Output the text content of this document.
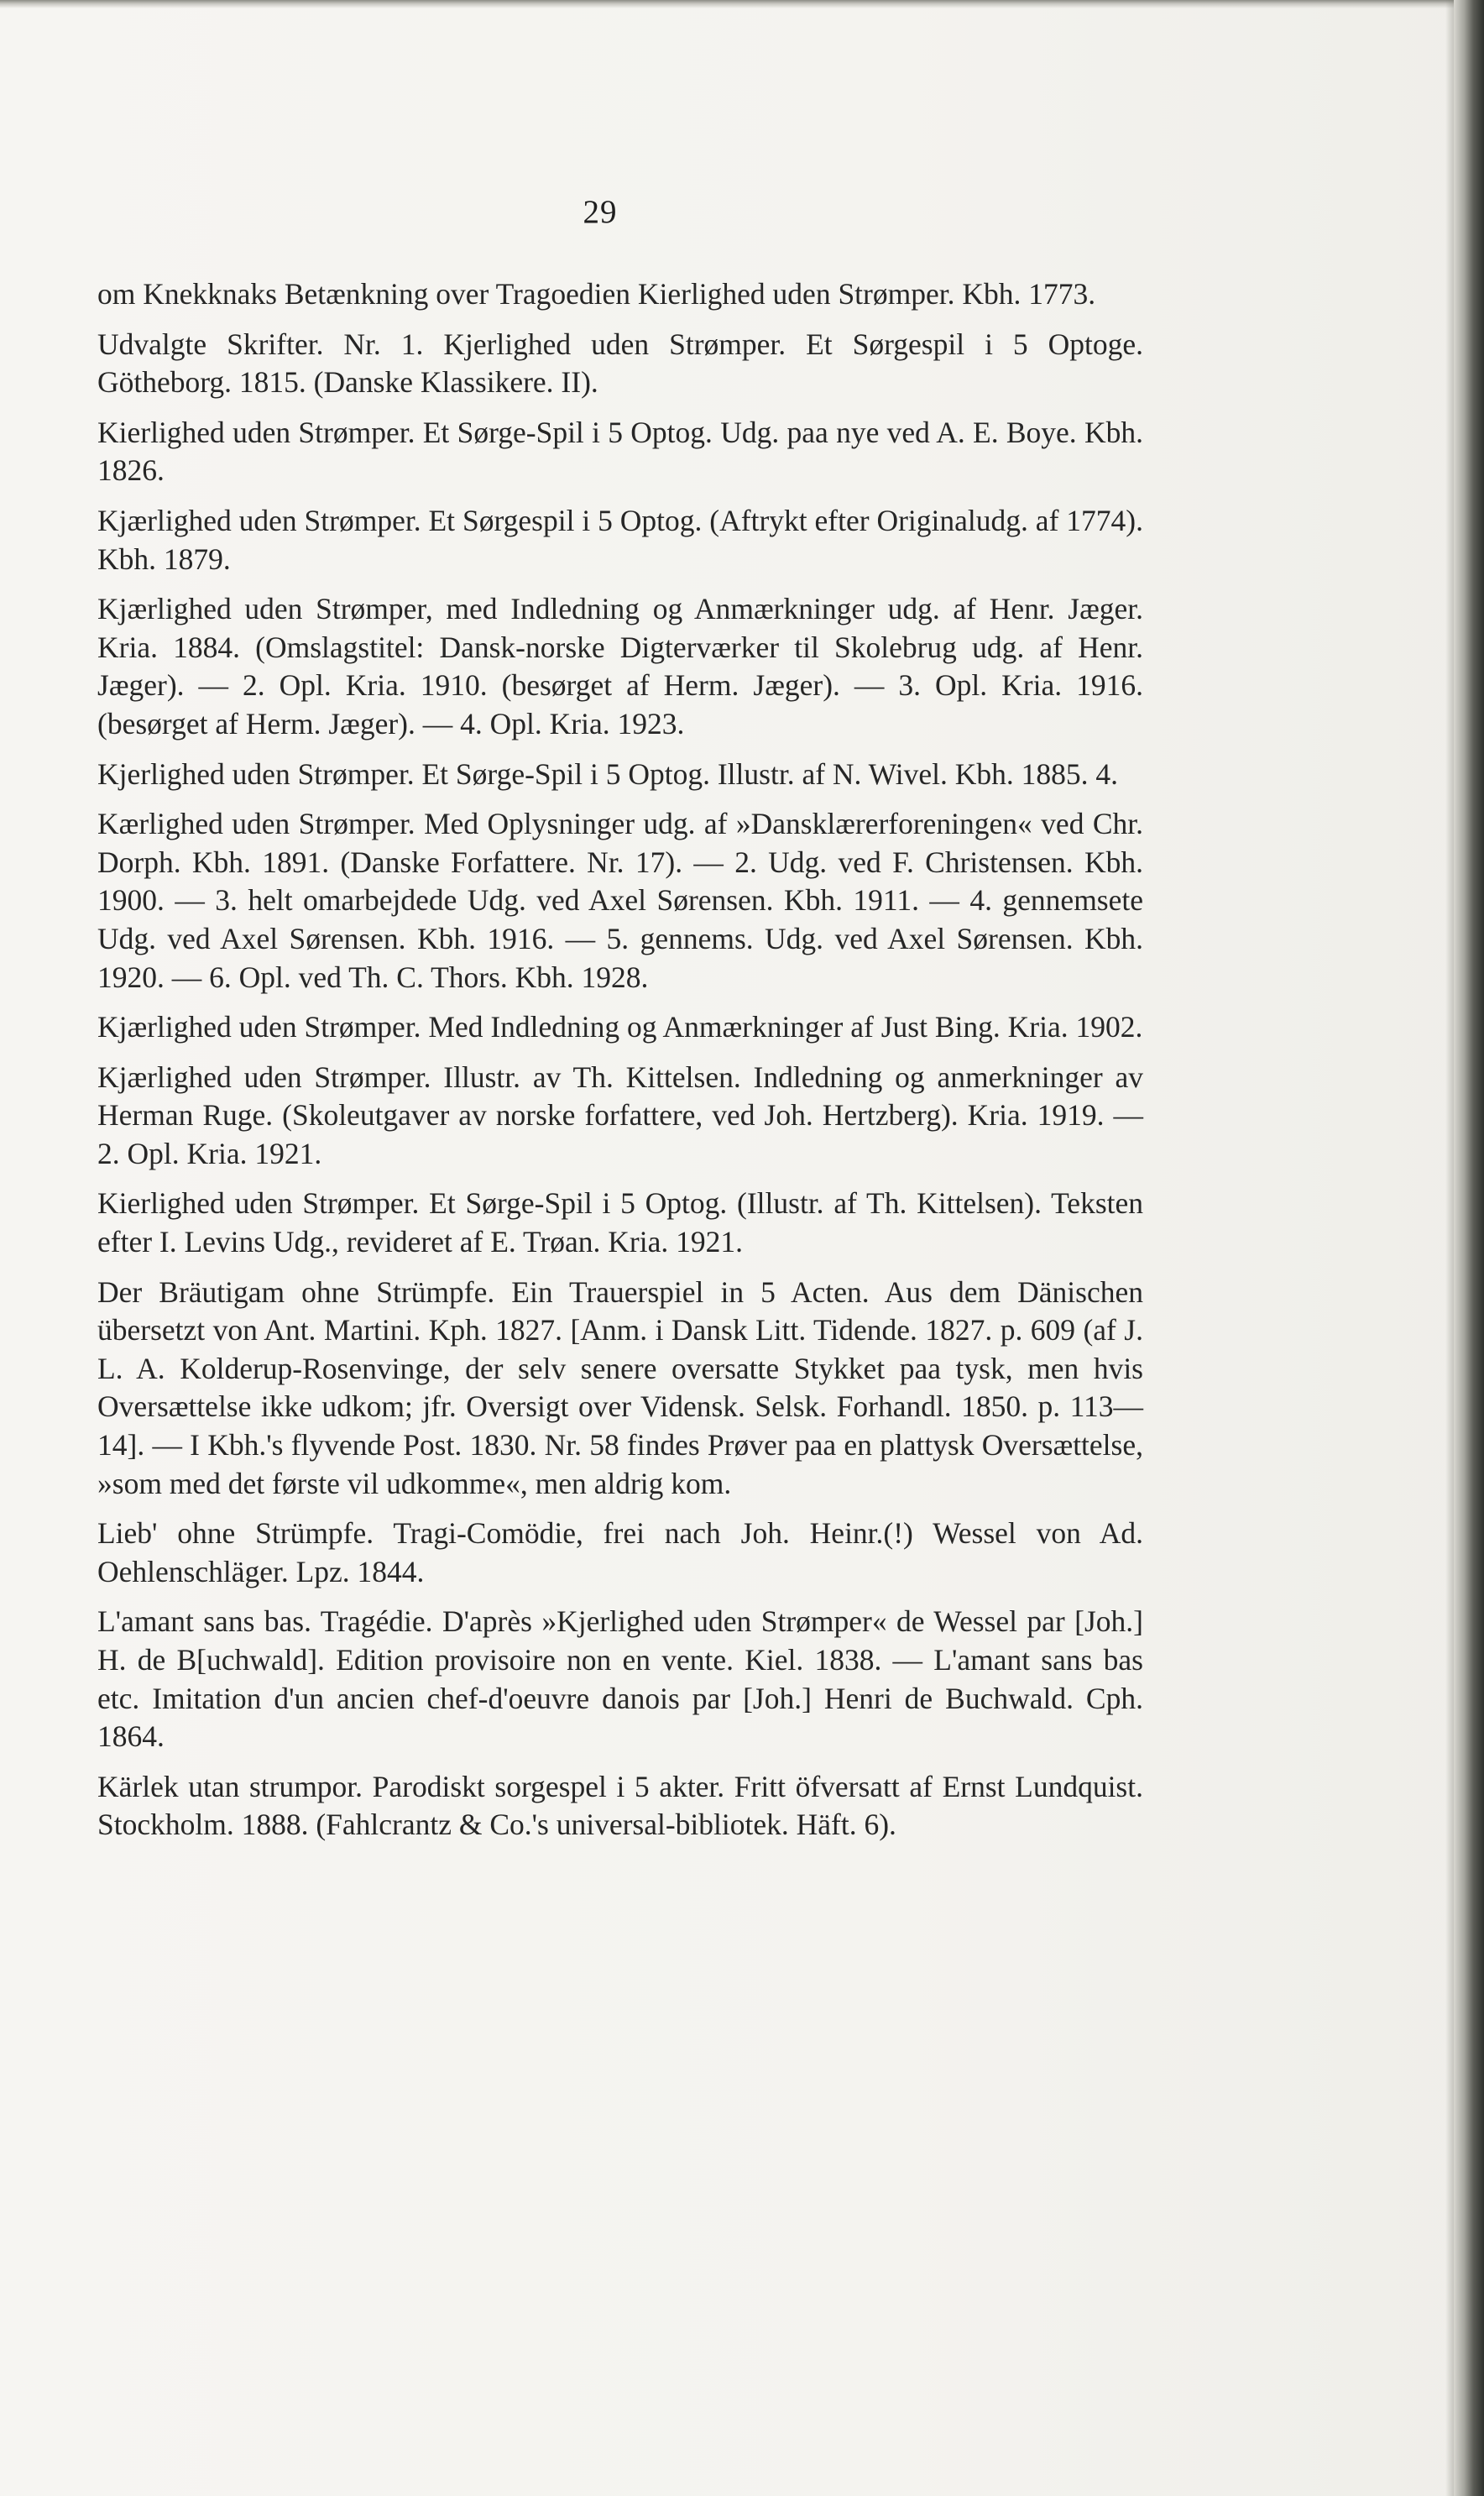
29

om Knekknaks Betænkning over Tragoedien Kierlighed uden Strømper. Kbh. 1773.

Udvalgte Skrifter. Nr. 1. Kjerlighed uden Strømper. Et Sørgespil i 5 Optoge. Götheborg. 1815. (Danske Klassikere. II).

Kierlighed uden Strømper. Et Sørge-Spil i 5 Optog. Udg. paa nye ved A. E. Boye. Kbh. 1826.

Kjærlighed uden Strømper. Et Sørgespil i 5 Optog. (Aftrykt efter Originaludg. af 1774). Kbh. 1879.

Kjærlighed uden Strømper, med Indledning og Anmærkninger udg. af Henr. Jæger. Kria. 1884. (Omslagstitel: Dansk-norske Digterværker til Skolebrug udg. af Henr. Jæger). — 2. Opl. Kria. 1910. (besørget af Herm. Jæger). — 3. Opl. Kria. 1916. (besørget af Herm. Jæger). — 4. Opl. Kria. 1923.

Kjerlighed uden Strømper. Et Sørge-Spil i 5 Optog. Illustr. af N. Wivel. Kbh. 1885. 4.

Kærlighed uden Strømper. Med Oplysninger udg. af »Dansklærerforeningen« ved Chr. Dorph. Kbh. 1891. (Danske Forfattere. Nr. 17). — 2. Udg. ved F. Christensen. Kbh. 1900. — 3. helt omarbejdede Udg. ved Axel Sørensen. Kbh. 1911. — 4. gennemsete Udg. ved Axel Sørensen. Kbh. 1916. — 5. gennems. Udg. ved Axel Sørensen. Kbh. 1920. — 6. Opl. ved Th. C. Thors. Kbh. 1928.

Kjærlighed uden Strømper. Med Indledning og Anmærkninger af Just Bing. Kria. 1902.

Kjærlighed uden Strømper. Illustr. av Th. Kittelsen. Indledning og anmerkninger av Herman Ruge. (Skoleutgaver av norske forfattere, ved Joh. Hertzberg). Kria. 1919. — 2. Opl. Kria. 1921.

Kierlighed uden Strømper. Et Sørge-Spil i 5 Optog. (Illustr. af Th. Kittelsen). Teksten efter I. Levins Udg., revideret af E. Trøan. Kria. 1921.

Der Bräutigam ohne Strümpfe. Ein Trauerspiel in 5 Acten. Aus dem Dänischen übersetzt von Ant. Martini. Kph. 1827. [Anm. i Dansk Litt. Tidende. 1827. p. 609 (af J. L. A. Kolderup-Rosenvinge, der selv senere oversatte Stykket paa tysk, men hvis Oversættelse ikke udkom; jfr. Oversigt over Vidensk. Selsk. Forhandl. 1850. p. 113—14]. — I Kbh.'s flyvende Post. 1830. Nr. 58 findes Prøver paa en plattysk Oversættelse, »som med det første vil udkomme«, men aldrig kom.

Lieb' ohne Strümpfe. Tragi-Comödie, frei nach Joh. Heinr.(!) Wessel von Ad. Oehlenschläger. Lpz. 1844.

L'amant sans bas. Tragédie. D'après »Kjerlighed uden Strømper« de Wessel par [Joh.] H. de B[uchwald]. Edition provisoire non en vente. Kiel. 1838. — L'amant sans bas etc. Imitation d'un ancien chef-d'oeuvre danois par [Joh.] Henri de Buchwald. Cph. 1864.

Kärlek utan strumpor. Parodiskt sorgespel i 5 akter. Fritt öfversatt af Ernst Lundquist. Stockholm. 1888. (Fahlcrantz & Co.'s universal-bibliotek. Häft. 6).
